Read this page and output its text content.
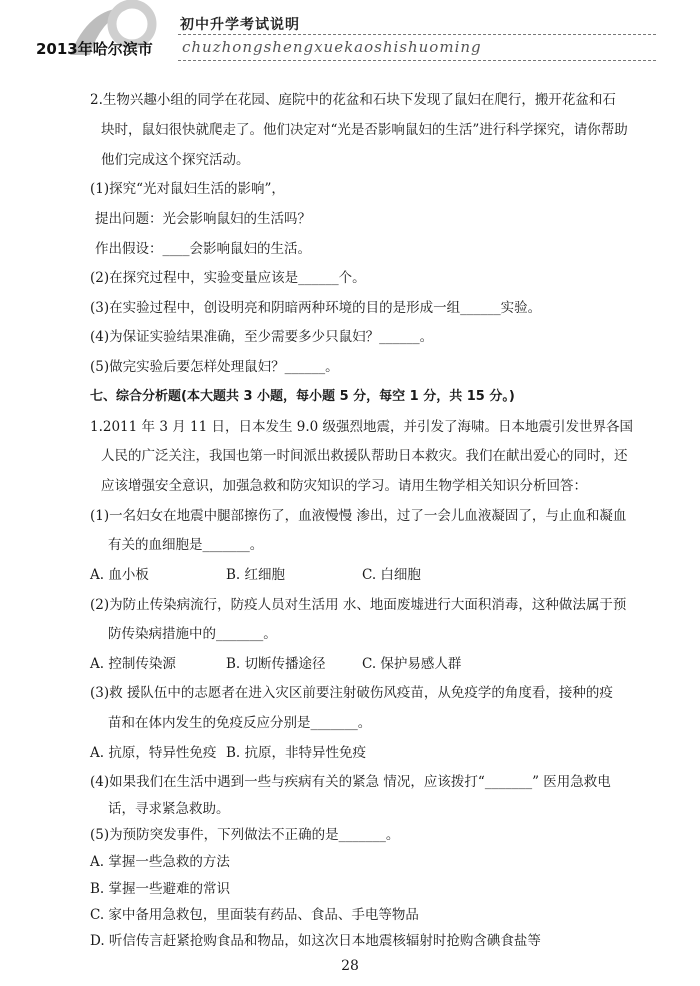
2013年哈尔滨市
初中升学考试说明
chuzhongshengxuekaoshishuoming
2.生物兴趣小组的同学在花园、庭院中的花盆和石块下发现了鼠妇在爬行，搬开花盆和石
块时，鼠妇很快就爬走了。他们决定对“光是否影响鼠妇的生活”进行科学探究，请你帮助
他们完成这个探究活动。
(1)探究“光对鼠妇生活的影响”，
提出问题：光会影响鼠妇的生活吗？
作出假设：____会影响鼠妇的生活。
(2)在探究过程中，实验变量应该是______个。
(3)在实验过程中，创设明亮和阴暗两种环境的目的是形成一组______实验。
(4)为保证实验结果准确，至少需要多少只鼠妇？______。
(5)做完实验后要怎样处理鼠妇？______。
七、综合分析题(本大题共 3 小题，每小题 5 分，每空 1 分，共 15 分。)
1.2011 年 3 月 11 日，日本发生 9.0 级强烈地震，并引发了海啸。日本地震引发世界各国
人民的广泛关注，我国也第一时间派出救援队帮助日本救灾。我们在献出爱心的同时，还
应该增强安全意识，加强急救和防灾知识的学习。请用生物学相关知识分析回答：
(1)一名妇女在地震中腿部擦伤了，血液慢慢 渗出，过了一会儿血液凝固了，与止血和凝血
有关的血细胞是_______。
A. 血小板	B. 红细胞	C. 白细胞
(2)为防止传染病流行，防疫人员对生活用 水、地面废墟进行大面积消毒，这种做法属于预
防传染病措施中的_______。
A. 控制传染源	B. 切断传播途径	C. 保护易感人群
(3)救 援队伍中的志愿者在进入灾区前要注射破伤风疫苗，从免疫学的角度看，接种的疫
苗和在体内发生的免疫反应分别是_______。
A. 抗原，特异性免疫 B. 抗原，非特异性免疫
(4)如果我们在生活中遇到一些与疾病有关的紧急 情况，应该拨打“_______” 医用急救电
话，寻求紧急救助。
(5)为预防突发事件，下列做法不正确的是_______。
A. 掌握一些急救的方法
B. 掌握一些避难的常识
C. 家中备用急救包，里面装有药品、食品、手电等物品
D. 听信传言赶紧抢购食品和物品，如这次日本地震核辐射时抢购含碘食盐等
28
